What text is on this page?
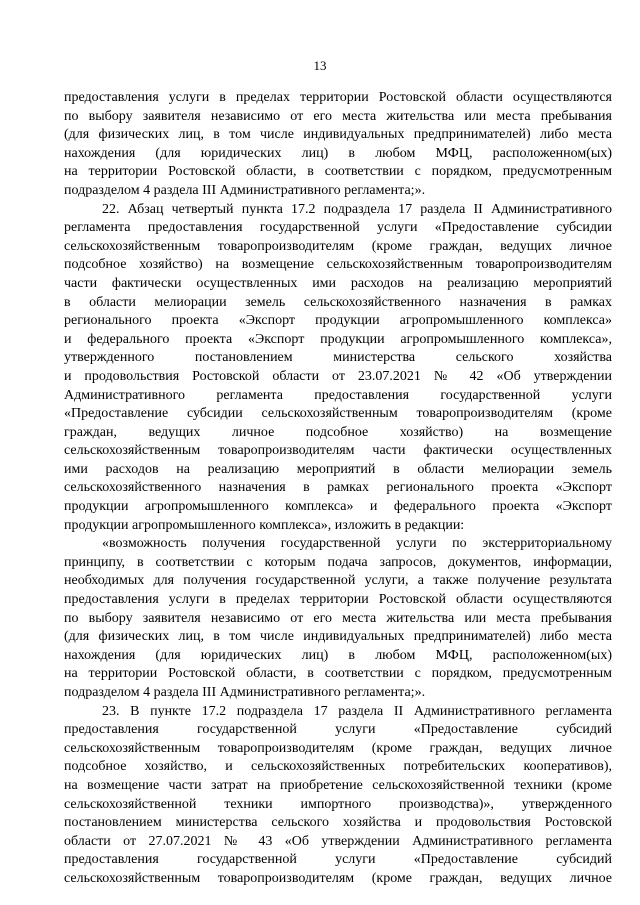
13
предоставления услуги в пределах территории Ростовской области осуществляются
по выбору заявителя независимо от его места жительства или места пребывания
(для физических лиц, в том числе индивидуальных предпринимателей) либо места
нахождения (для юридических лиц) в любом МФЦ, расположенном(ых)
на территории Ростовской области, в соответствии с порядком, предусмотренным
подразделом 4 раздела III Административного регламента;».
22. Абзац четвертый пункта 17.2 подраздела 17 раздела II Административного
регламента предоставления государственной услуги «Предоставление субсидии
сельскохозяйственным товаропроизводителям (кроме граждан, ведущих личное
подсобное хозяйство) на возмещение сельскохозяйственным товаропроизводителям
части фактически осуществленных ими расходов на реализацию мероприятий
в области мелиорации земель сельскохозяйственного назначения в рамках
регионального проекта «Экспорт продукции агропромышленного комплекса»
и федерального проекта «Экспорт продукции агропромышленного комплекса»,
утвержденного постановлением министерства сельского хозяйства
и продовольствия Ростовской области от 23.07.2021 № 42 «Об утверждении
Административного регламента предоставления государственной услуги
«Предоставление субсидии сельскохозяйственным товаропроизводителям (кроме
граждан, ведущих личное подсобное хозяйство) на возмещение
сельскохозяйственным товаропроизводителям части фактически осуществленных
ими расходов на реализацию мероприятий в области мелиорации земель
сельскохозяйственного назначения в рамках регионального проекта «Экспорт
продукции агропромышленного комплекса» и федерального проекта «Экспорт
продукции агропромышленного комплекса», изложить в редакции:
«возможность получения государственной услуги по экстерриториальному
принципу, в соответствии с которым подача запросов, документов, информации,
необходимых для получения государственной услуги, а также получение результата
предоставления услуги в пределах территории Ростовской области осуществляются
по выбору заявителя независимо от его места жительства или места пребывания
(для физических лиц, в том числе индивидуальных предпринимателей) либо места
нахождения (для юридических лиц) в любом МФЦ, расположенном(ых)
на территории Ростовской области, в соответствии с порядком, предусмотренным
подразделом 4 раздела III Административного регламента;».
23. В пункте 17.2 подраздела 17 раздела II Административного регламента
предоставления государственной услуги «Предоставление субсидий
сельскохозяйственным товаропроизводителям (кроме граждан, ведущих личное
подсобное хозяйство, и сельскохозяйственных потребительских кооперативов),
на возмещение части затрат на приобретение сельскохозяйственной техники (кроме
сельскохозяйственной техники импортного производства)», утвержденного
постановлением министерства сельского хозяйства и продовольствия Ростовской
области от 27.07.2021 № 43 «Об утверждении Административного регламента
предоставления государственной услуги «Предоставление субсидий
сельскохозяйственным товаропроизводителям (кроме граждан, ведущих личное
